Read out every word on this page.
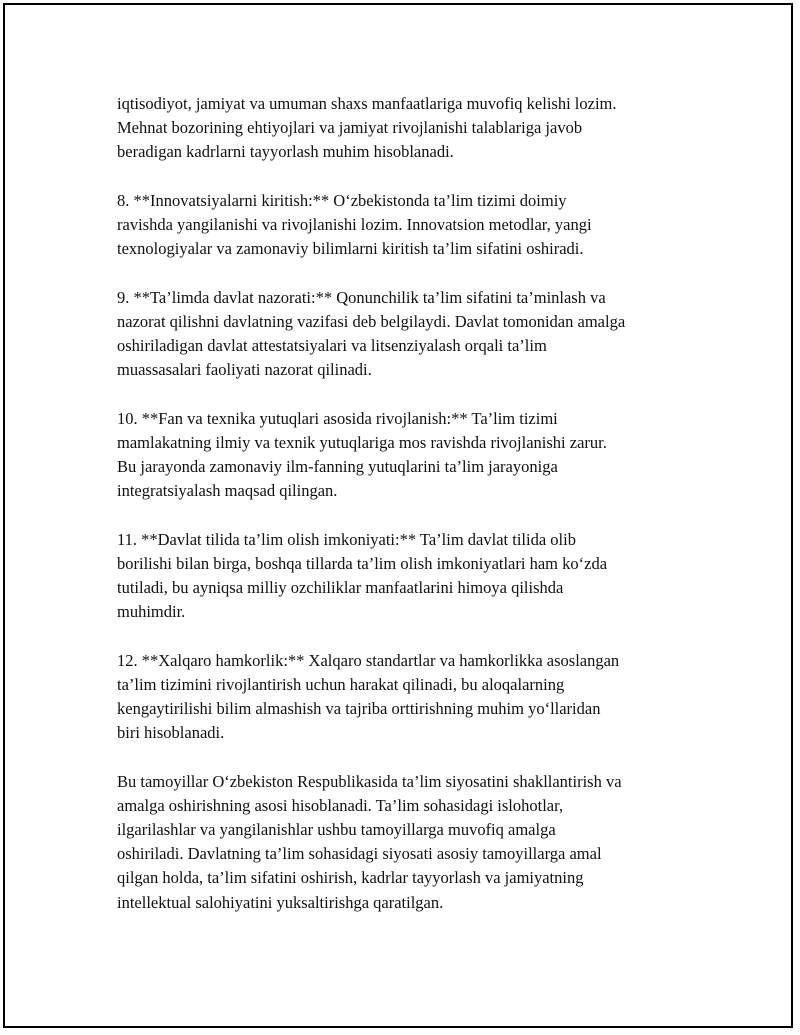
iqtisodiyot, jamiyat va umuman shaxs manfaatlariga muvofiq kelishi lozim.
Mehnat bozorining ehtiyojlari va jamiyat rivojlanishi talablariga javob
beradigan kadrlarni tayyorlash muhim hisoblanadi.

8. **Innovatsiyalarni kiritish:** O‘zbekistonda ta’lim tizimi doimiy
ravishda yangilanishi va rivojlanishi lozim. Innovatsion metodlar, yangi
texnologiyalar va zamonaviy bilimlarni kiritish ta’lim sifatini oshiradi.

9. **Ta’limda davlat nazorati:** Qonunchilik ta’lim sifatini ta’minlash va
nazorat qilishni davlatning vazifasi deb belgilaydi. Davlat tomonidan amalga
oshiriladigan davlat attestatsiyalari va litsenziyalash orqali ta’lim
muassasalari faoliyati nazorat qilinadi.

10. **Fan va texnika yutuqlari asosida rivojlanish:** Ta’lim tizimi
mamlakatning ilmiy va texnik yutuqlariga mos ravishda rivojlanishi zarur.
Bu jarayonda zamonaviy ilm-fanning yutuqlarini ta’lim jarayoniga
integratsiyalash maqsad qilingan.

11. **Davlat tilida ta’lim olish imkoniyati:** Ta’lim davlat tilida olib
borilishi bilan birga, boshqa tillarda ta’lim olish imkoniyatlari ham ko‘zda
tutiladi, bu ayniqsa milliy ozchiliklar manfaatlarini himoya qilishda
muhimdir.

12. **Xalqaro hamkorlik:** Xalqaro standartlar va hamkorlikka asoslangan
ta’lim tizimini rivojlantirish uchun harakat qilinadi, bu aloqalarning
kengaytirilishi bilim almashish va tajriba orttirishning muhim yo‘llaridan
biri hisoblanadi.

Bu tamoyillar O‘zbekiston Respublikasida ta’lim siyosatini shakllantirish va
amalga oshirishning asosi hisoblanadi. Ta’lim sohasidagi islohotlar,
ilgarilashlar va yangilanishlar ushbu tamoyillarga muvofiq amalga
oshiriladi. Davlatning ta’lim sohasidagi siyosati asosiy tamoyillarga amal
qilgan holda, ta’lim sifatini oshirish, kadrlar tayyorlash va jamiyatning
intellektual salohiyatini yuksaltirishga qaratilgan.
